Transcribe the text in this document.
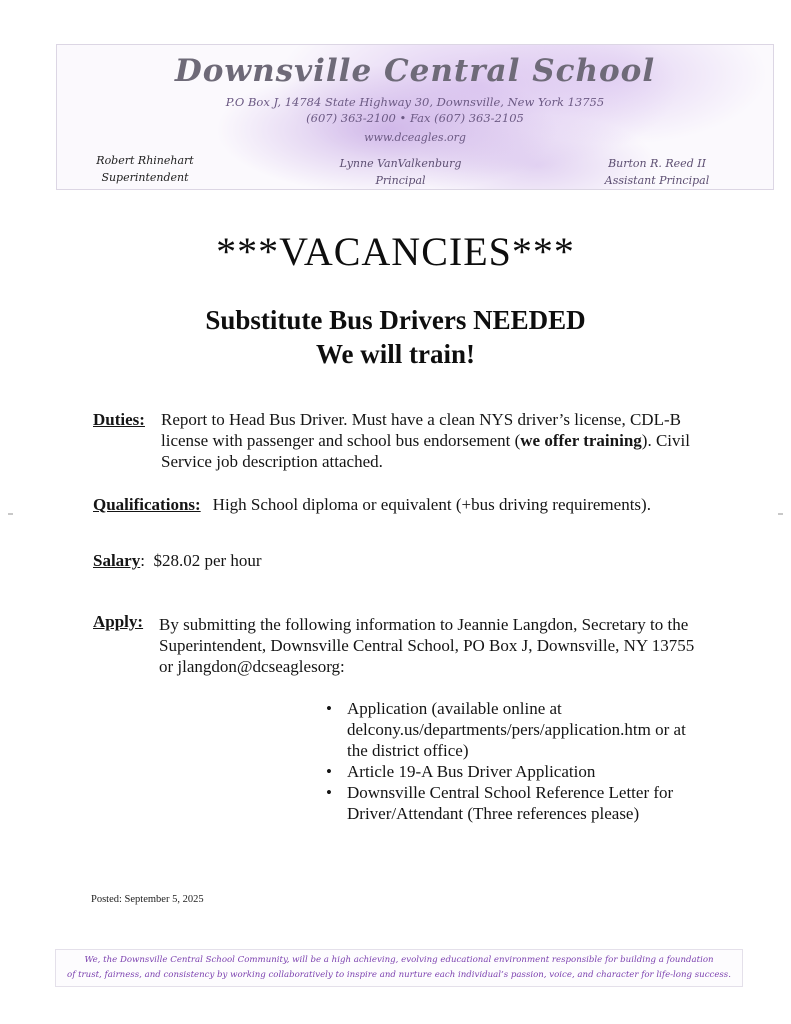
Downsville Central School
P.O Box J, 14784 State Highway 30, Downsville, New York 13755
(607) 363-2100 • Fax (607) 363-2105
www.dceagles.org
Robert Rhinehart
Superintendent
Lynne VanValkenburg
Principal
Burton R. Reed II
Assistant Principal
***VACANCIES***
Substitute Bus Drivers NEEDED
We will train!
Duties: Report to Head Bus Driver. Must have a clean NYS driver’s license, CDL-B license with passenger and school bus endorsement (we offer training). Civil Service job description attached.
Qualifications: High School diploma or equivalent (+bus driving requirements).
Salary: $28.02 per hour
Apply: By submitting the following information to Jeannie Langdon, Secretary to the Superintendent, Downsville Central School, PO Box J, Downsville, NY 13755 or jlangdon@dcseaglesorg:
• Application (available online at delcony.us/departments/pers/application.htm or at the district office)
• Article 19-A Bus Driver Application
• Downsville Central School Reference Letter for Driver/Attendant (Three references please)
Posted: September 5, 2025
We, the Downsville Central School Community, will be a high achieving, evolving educational environment responsible for building a foundation
of trust, fairness, and consistency by working collaboratively to inspire and nurture each individual’s passion, voice, and character for life-long success.
